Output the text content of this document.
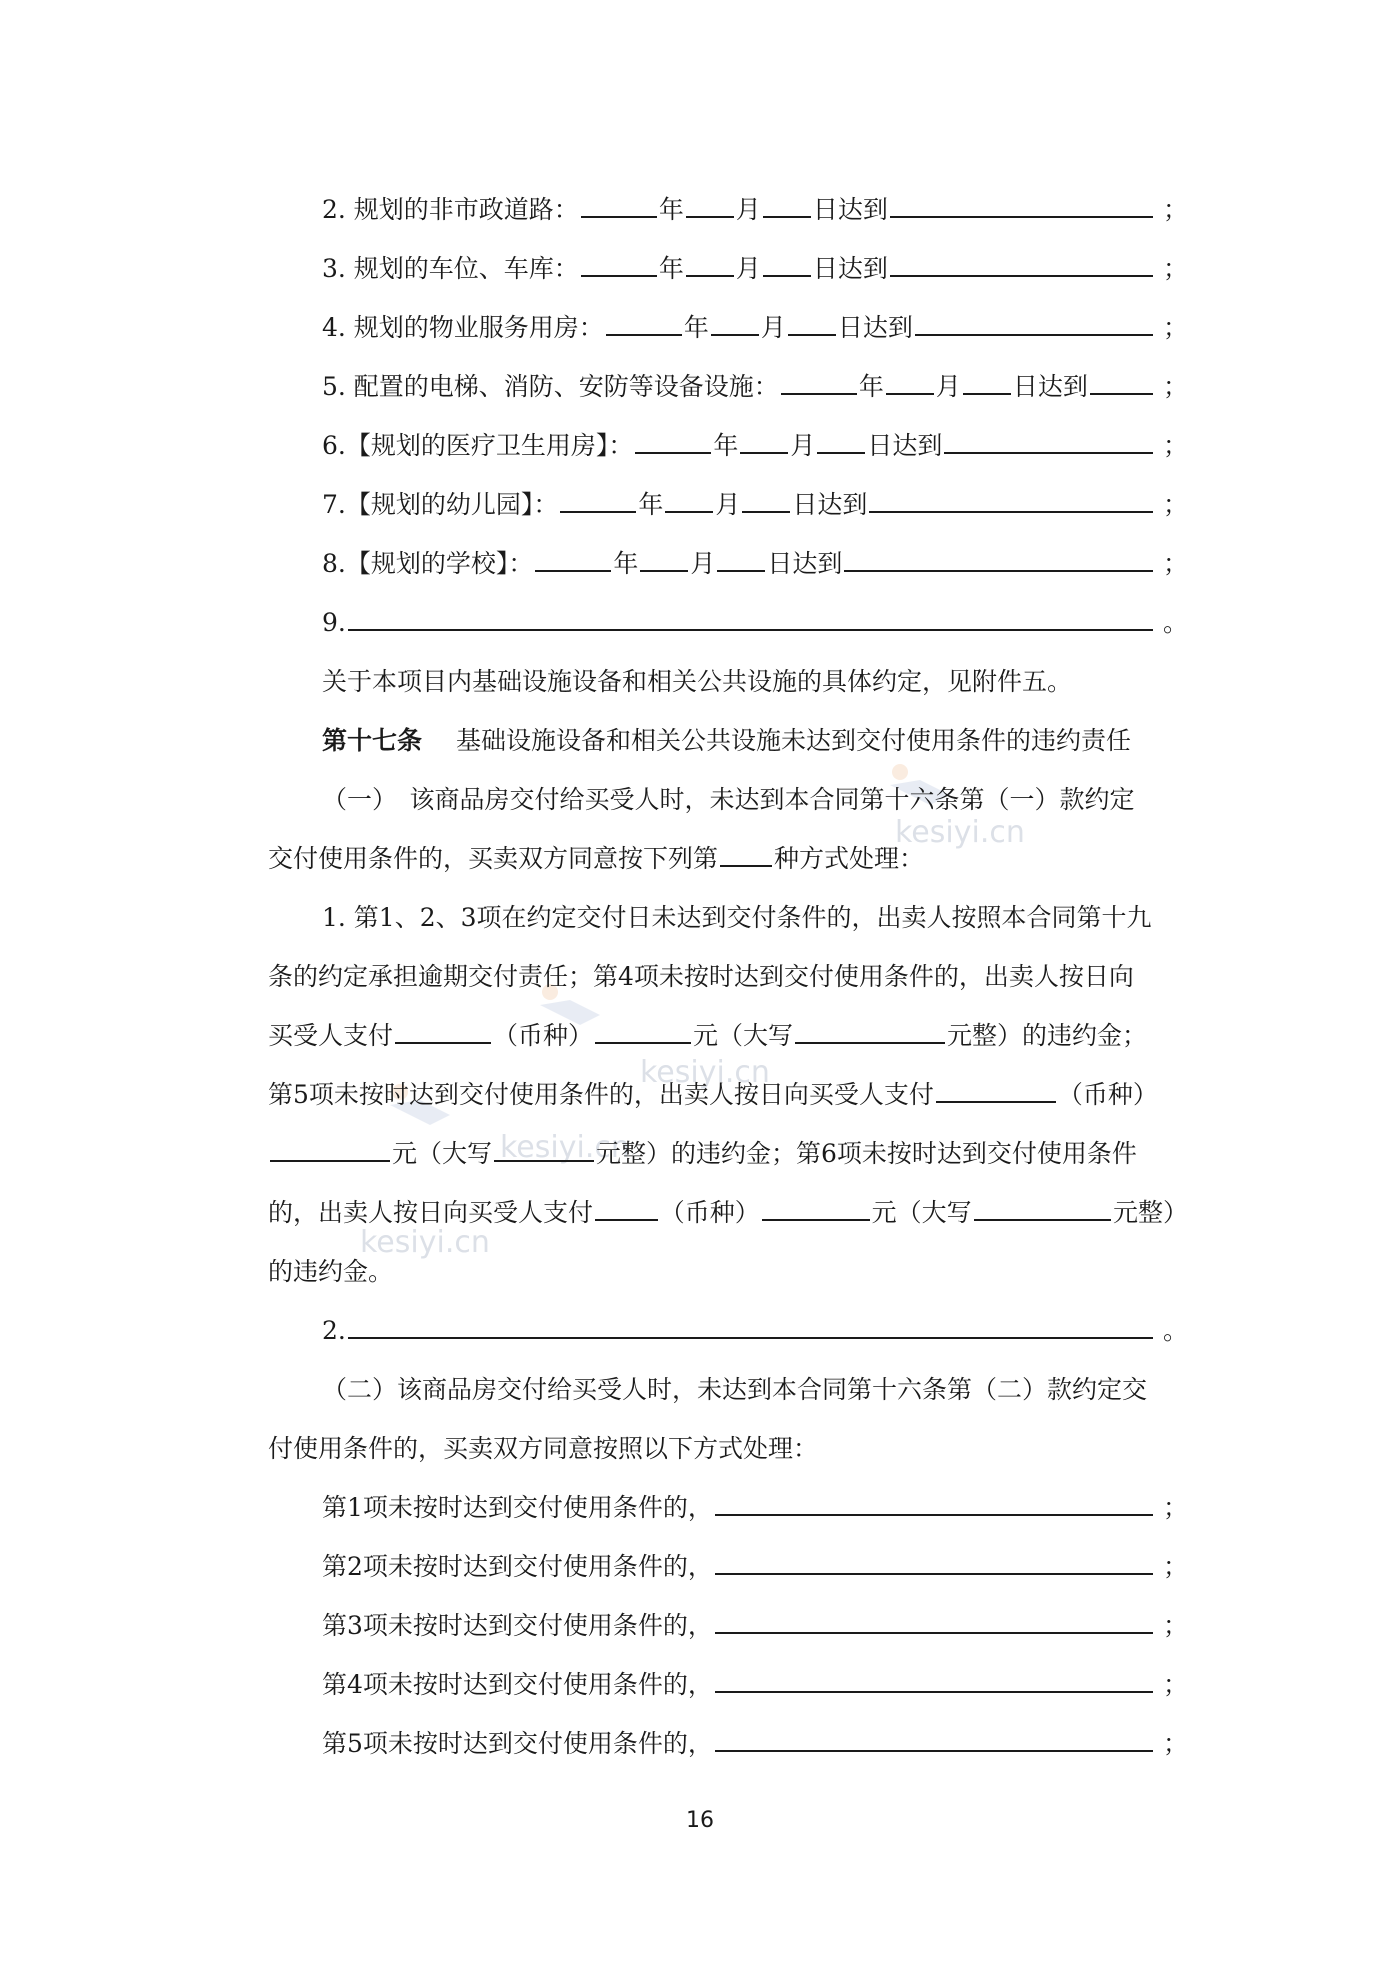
kesiyi.cn
kesiyi.cn
kesiyi.cn
kesiyi.cn
2. 规划的非市政道路：	年 月 日达到	；
3. 规划的车位、车库：	年 月 日达到	；
4. 规划的物业服务用房：	年 月 日达到	；
5. 配置的电梯、消防、安防等设备设施：	年 月 日达到	；
6.【规划的医疗卫生用房】：	年 月 日达到	；
7.【规划的幼儿园】：	年 月 日达到	；
8.【规划的学校】：	年 月 日达到	；
9.	。
关于本项目内基础设施设备和相关公共设施的具体约定，见附件五。
第十七条 基础设施设备和相关公共设施未达到交付使用条件的违约责任
（一）　该商品房交付给买受人时，未达到本合同第十六条第（一）款约定
交付使用条件的，买卖双方同意按下列第 种方式处理：
1. 第1、2、3项在约定交付日未达到交付条件的，出卖人按照本合同第十九
条的约定承担逾期交付责任；第4项未按时达到交付使用条件的，出卖人按日向
买受人支付	（币种）	元（大写	元整）的违约金；
第5项未按时达到交付使用条件的，出卖人按日向买受人支付	（币种）
元（大写	元整）的违约金；第6项未按时达到交付使用条件
的，出卖人按日向买受人支付	（币种）	元（大写	元整）
的违约金。
2.	。
（二）该商品房交付给买受人时，未达到本合同第十六条第（二）款约定交
付使用条件的，买卖双方同意按照以下方式处理：
第1项未按时达到交付使用条件的，	；
第2项未按时达到交付使用条件的，	；
第3项未按时达到交付使用条件的，	；
第4项未按时达到交付使用条件的，	；
第5项未按时达到交付使用条件的，	；
16
